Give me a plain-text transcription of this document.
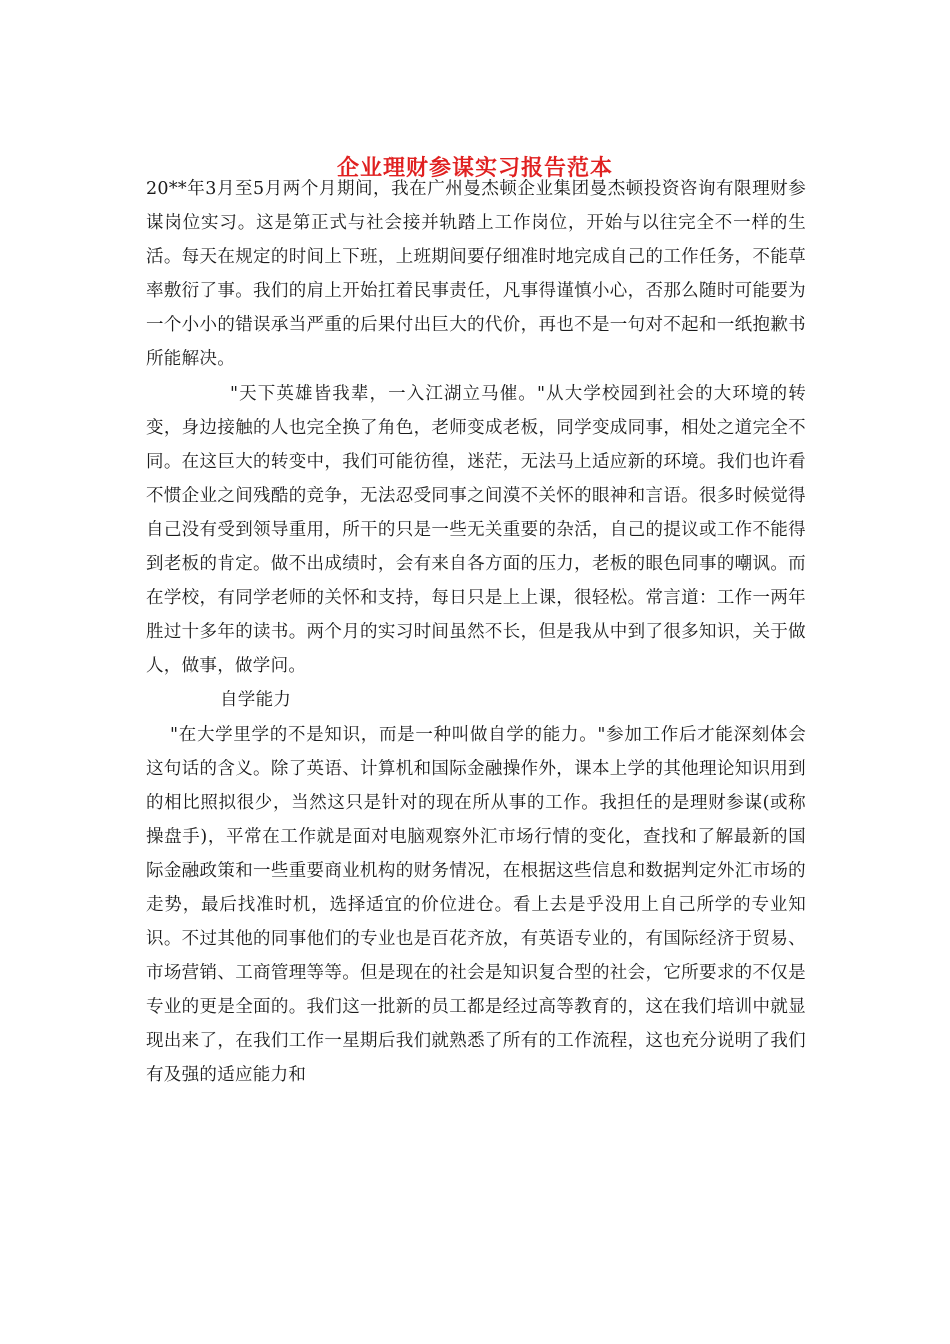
企业理财参谋实习报告范本

20**年3月至5月两个月期间，我在广州曼杰顿企业集团曼杰顿投资咨询有限理财参谋岗位实习。这是第正式与社会接并轨踏上工作岗位，开始与以往完全不一样的生活。每天在规定的时间上下班，上班期间要仔细准时地完成自己的工作任务，不能草率敷衍了事。我们的肩上开始扛着民事责任，凡事得谨慎小心，否那么随时可能要为一个小小的错误承当严重的后果付出巨大的代价，再也不是一句对不起和一纸抱歉书所能解决。

"天下英雄皆我辈，一入江湖立马催。"从大学校园到社会的大环境的转变，身边接触的人也完全换了角色，老师变成老板，同学变成同事，相处之道完全不同。在这巨大的转变中，我们可能彷徨，迷茫，无法马上适应新的环境。我们也许看不惯企业之间残酷的竞争，无法忍受同事之间漠不关怀的眼神和言语。很多时候觉得自己没有受到领导重用，所干的只是一些无关重要的杂活，自己的提议或工作不能得到老板的肯定。做不出成绩时，会有来自各方面的压力，老板的眼色同事的嘲讽。而在学校，有同学老师的关怀和支持，每日只是上上课，很轻松。常言道：工作一两年胜过十多年的读书。两个月的实习时间虽然不长，但是我从中到了很多知识，关于做人，做事，做学问。

自学能力

"在大学里学的不是知识，而是一种叫做自学的能力。"参加工作后才能深刻体会这句话的含义。除了英语、计算机和国际金融操作外，课本上学的其他理论知识用到的相比照拟很少，当然这只是针对的现在所从事的工作。我担任的是理财参谋(或称操盘手)，平常在工作就是面对电脑观察外汇市场行情的变化，查找和了解最新的国际金融政策和一些重要商业机构的财务情况，在根据这些信息和数据判定外汇市场的走势，最后找准时机，选择适宜的价位进仓。看上去是乎没用上自己所学的专业知识。不过其他的同事他们的专业也是百花齐放，有英语专业的，有国际经济于贸易、市场营销、工商管理等等。但是现在的社会是知识复合型的社会，它所要求的不仅是专业的更是全面的。我们这一批新的员工都是经过高等教育的，这在我们培训中就显现出来了，在我们工作一星期后我们就熟悉了所有的工作流程，这也充分说明了我们有及强的适应能力和
